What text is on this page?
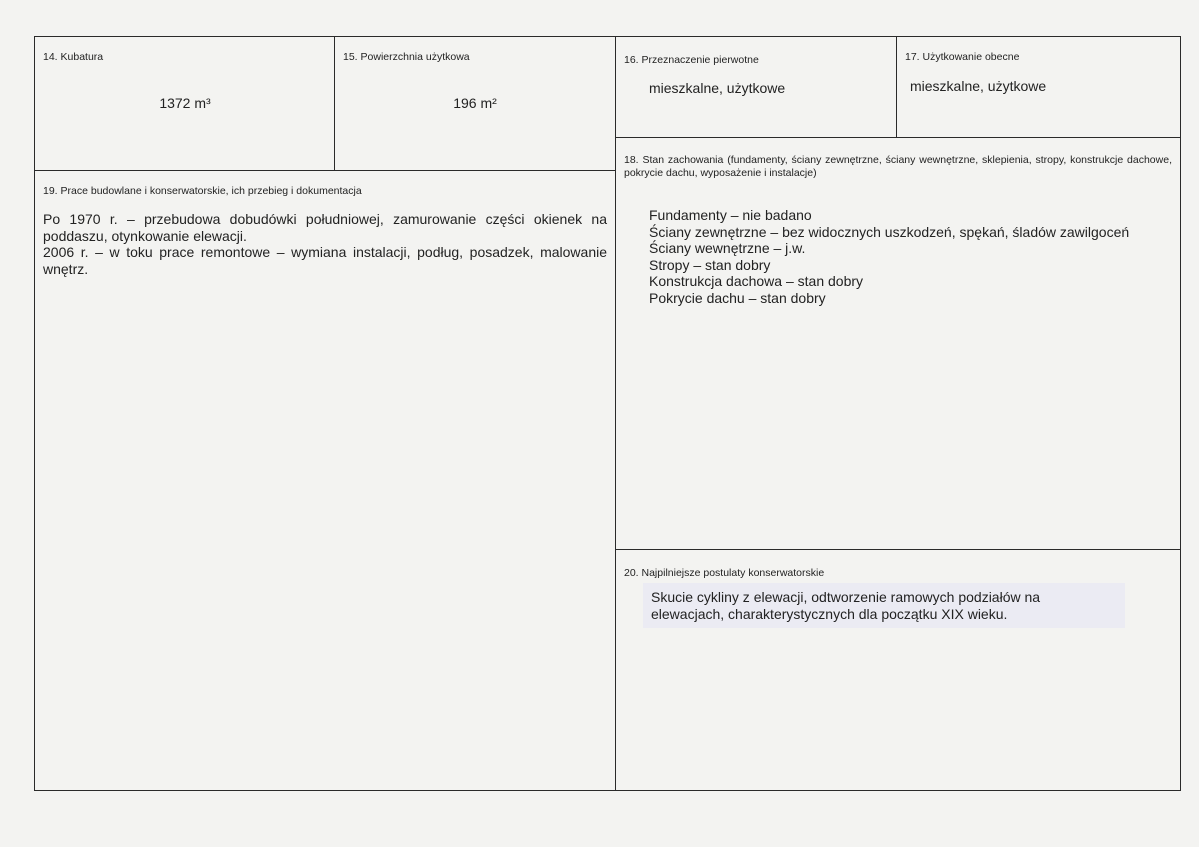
14. Kubatura
1372 m³
15. Powierzchnia użytkowa
196 m²
16. Przeznaczenie pierwotne
mieszkalne, użytkowe
17. Użytkowanie obecne
mieszkalne, użytkowe
18. Stan zachowania (fundamenty, ściany zewnętrzne, ściany wewnętrzne, sklepienia, stropy, konstrukcje dachowe, pokrycie dachu, wyposażenie i instalacje)
Fundamenty – nie badano
Ściany zewnętrzne – bez widocznych uszkodzeń, spękań, śladów zawilgoceń
Ściany wewnętrzne – j.w.
Stropy – stan dobry
Konstrukcja dachowa – stan dobry
Pokrycie dachu – stan dobry
19. Prace budowlane i konserwatorskie, ich przebieg i dokumentacja
Po 1970 r. – przebudowa dobudówki południowej, zamurowanie części okienek na poddaszu, otynkowanie elewacji.
2006 r. – w toku prace remontowe – wymiana instalacji, podług, posadzek, malowanie wnętrz.
20. Najpilniejsze postulaty konserwatorskie
Skucie cykliny z elewacji, odtworzenie ramowych podziałów na elewacjach, charakterystycznych dla początku XIX wieku.
